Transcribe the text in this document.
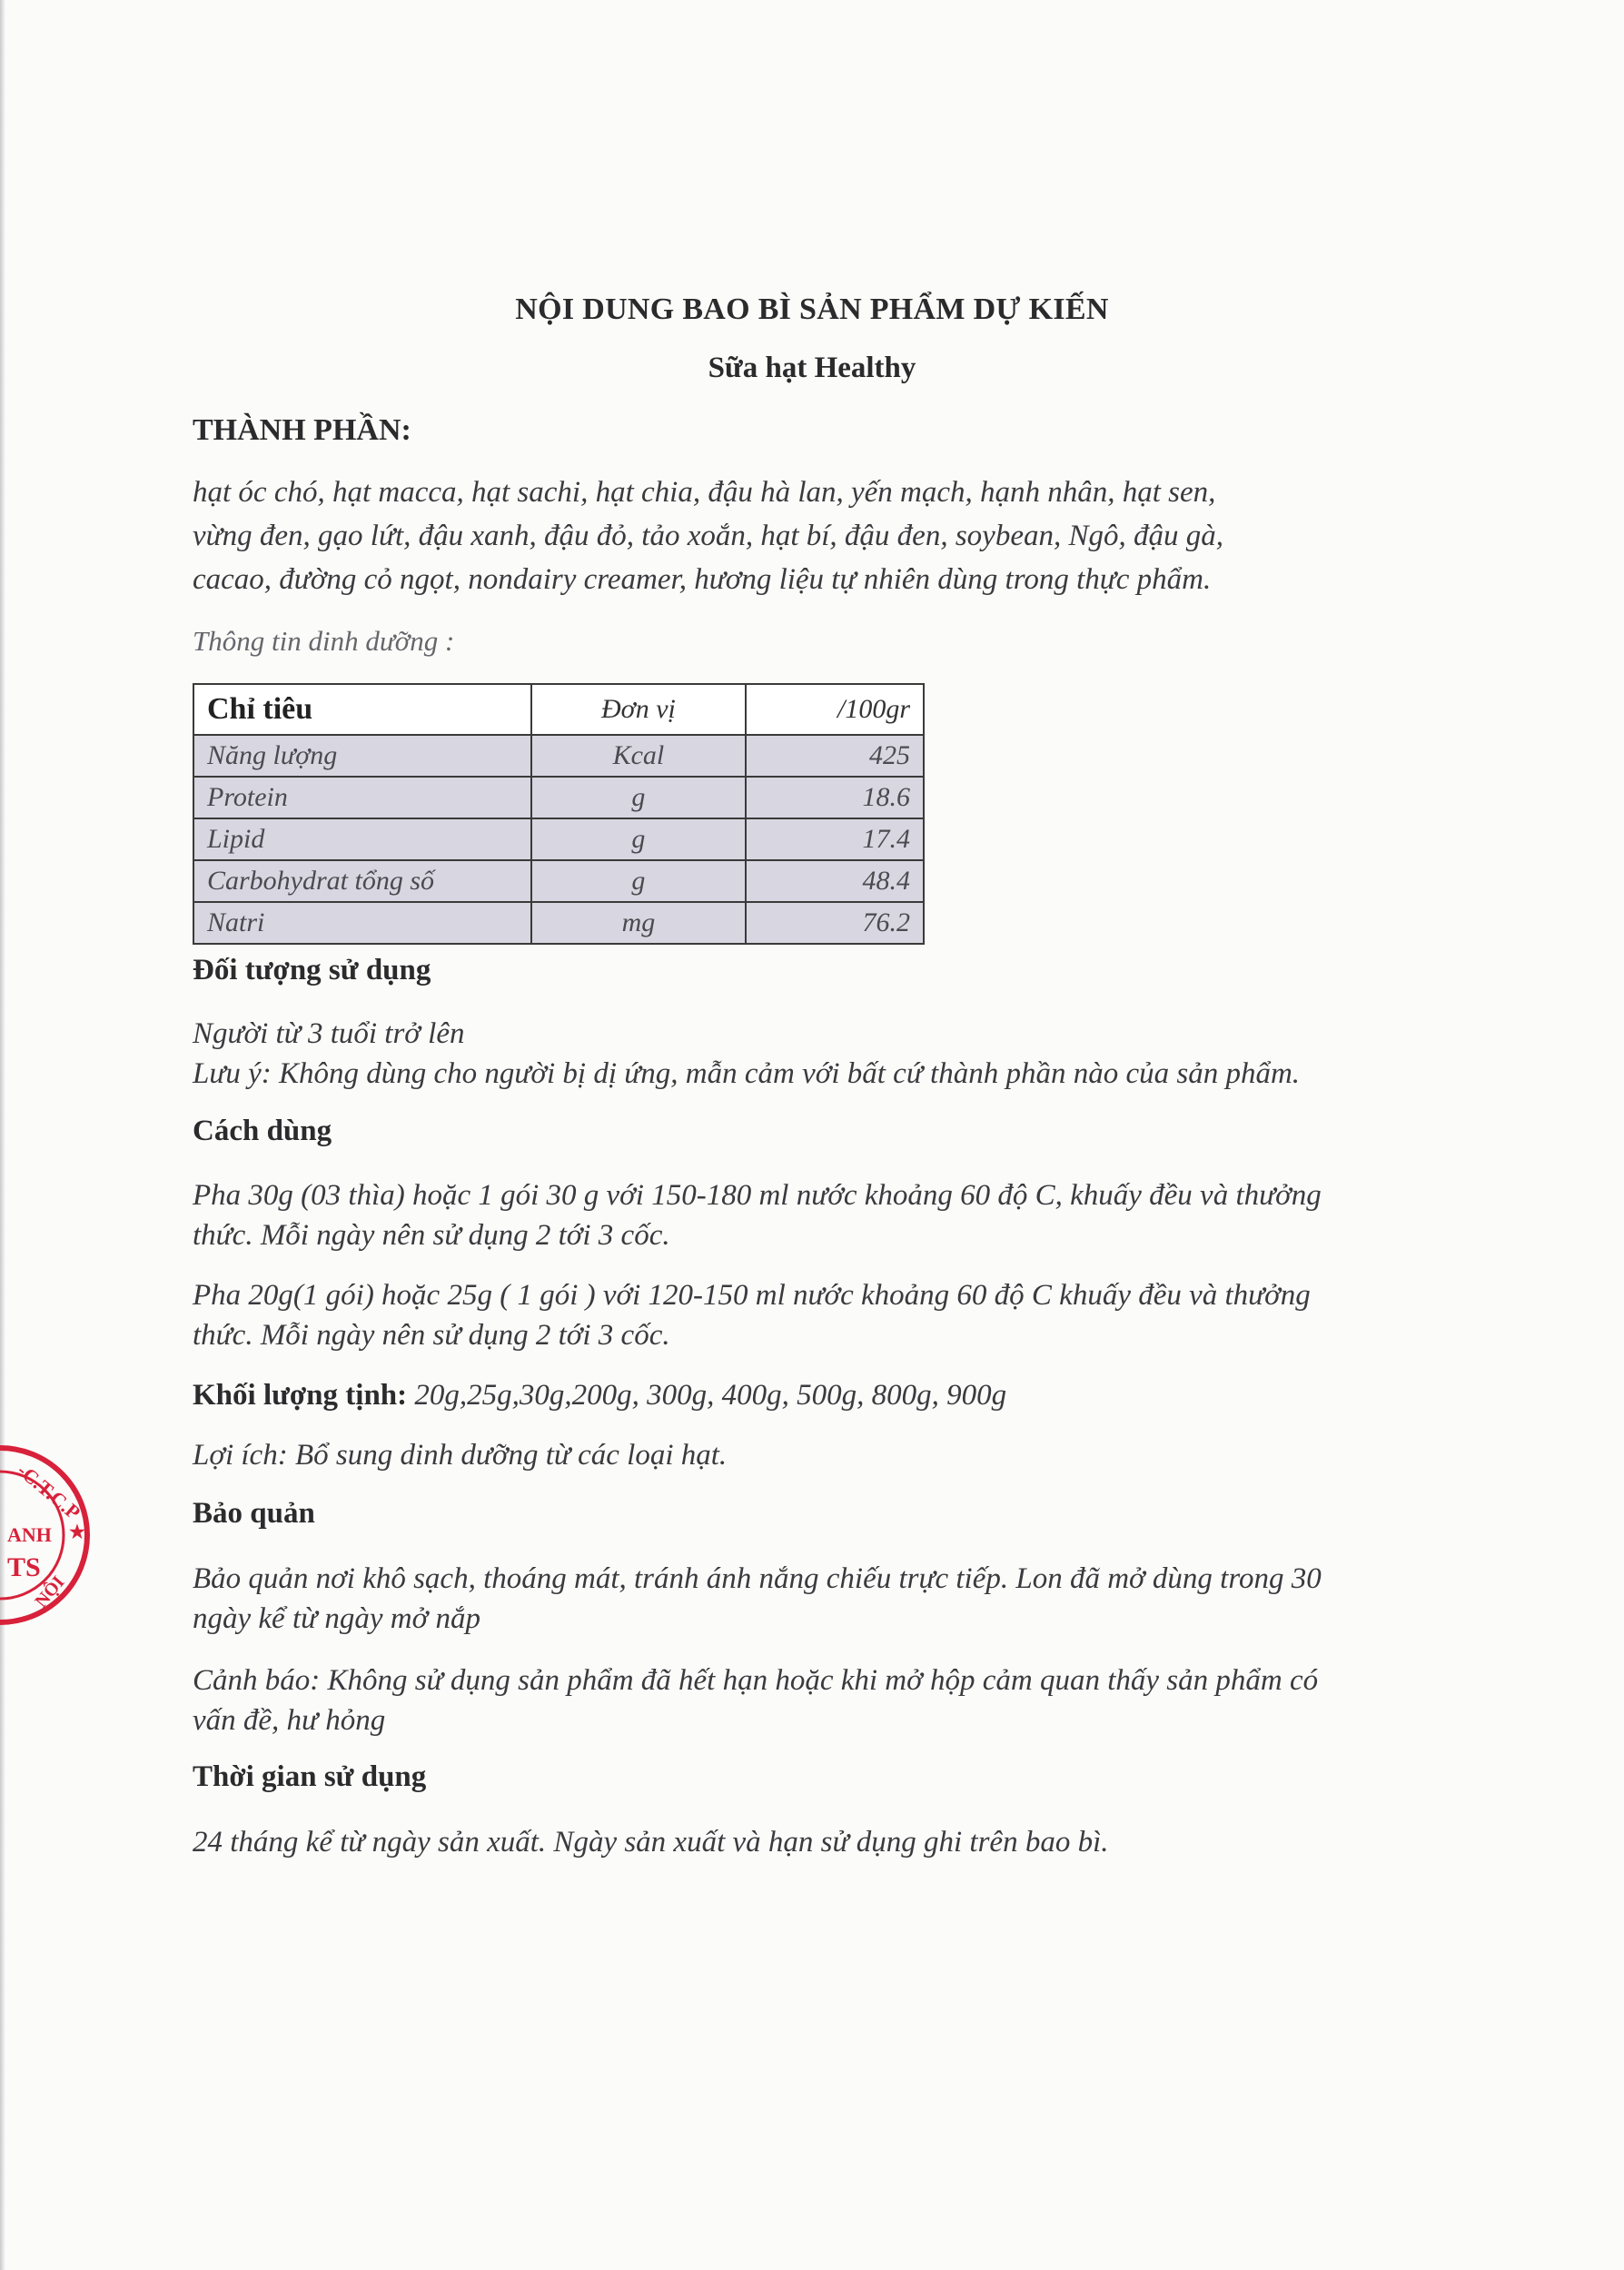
NỘI DUNG BAO BÌ SẢN PHẨM DỰ KIẾN
Sữa hạt Healthy
THÀNH PHẦN:
hạt óc chó, hạt macca, hạt sachi, hạt chia, đậu hà lan, yến mạch, hạnh nhân, hạt sen,
vừng đen, gạo lứt, đậu xanh, đậu đỏ, tảo xoắn, hạt bí, đậu đen, soybean, Ngô, đậu gà,
cacao, đường cỏ ngọt, nondairy creamer, hương liệu tự nhiên dùng trong thực phẩm.
Thông tin dinh dưỡng :
Chỉ tiêu	Đơn vị	/100gr
Năng lượng	Kcal	425
Protein	g	18.6
Lipid	g	17.4
Carbohydrat tổng số	g	48.4
Natri	mg	76.2
Đối tượng sử dụng
Người từ 3 tuổi trở lên
Lưu ý: Không dùng cho người bị dị ứng, mẫn cảm với bất cứ thành phần nào của sản phẩm.
Cách dùng
Pha 30g (03 thìa) hoặc 1 gói 30 g với 150-180 ml nước khoảng 60 độ C, khuấy đều và thưởng
thức. Mỗi ngày nên sử dụng 2 tới 3 cốc.
Pha 20g(1 gói) hoặc 25g ( 1 gói ) với 120-150 ml nước khoảng 60 độ C khuấy đều và thưởng
thức. Mỗi ngày nên sử dụng 2 tới 3 cốc.
Khối lượng tịnh: 20g,25g,30g,200g, 300g, 400g, 500g, 800g, 900g
Lợi ích: Bổ sung dinh dưỡng từ các loại hạt.
Bảo quản
Bảo quản nơi khô sạch, thoáng mát, tránh ánh nắng chiếu trực tiếp. Lon đã mở dùng trong 30
ngày kể từ ngày mở nắp
Cảnh báo: Không sử dụng sản phẩm đã hết hạn hoặc khi mở hộp cảm quan thấy sản phẩm có
vấn đề, hư hỏng
Thời gian sử dụng
24 tháng kể từ ngày sản xuất. Ngày sản xuất và hạn sử dụng ghi trên bao bì.
-C.T.C.P
ANH
TS
NỘI
★
